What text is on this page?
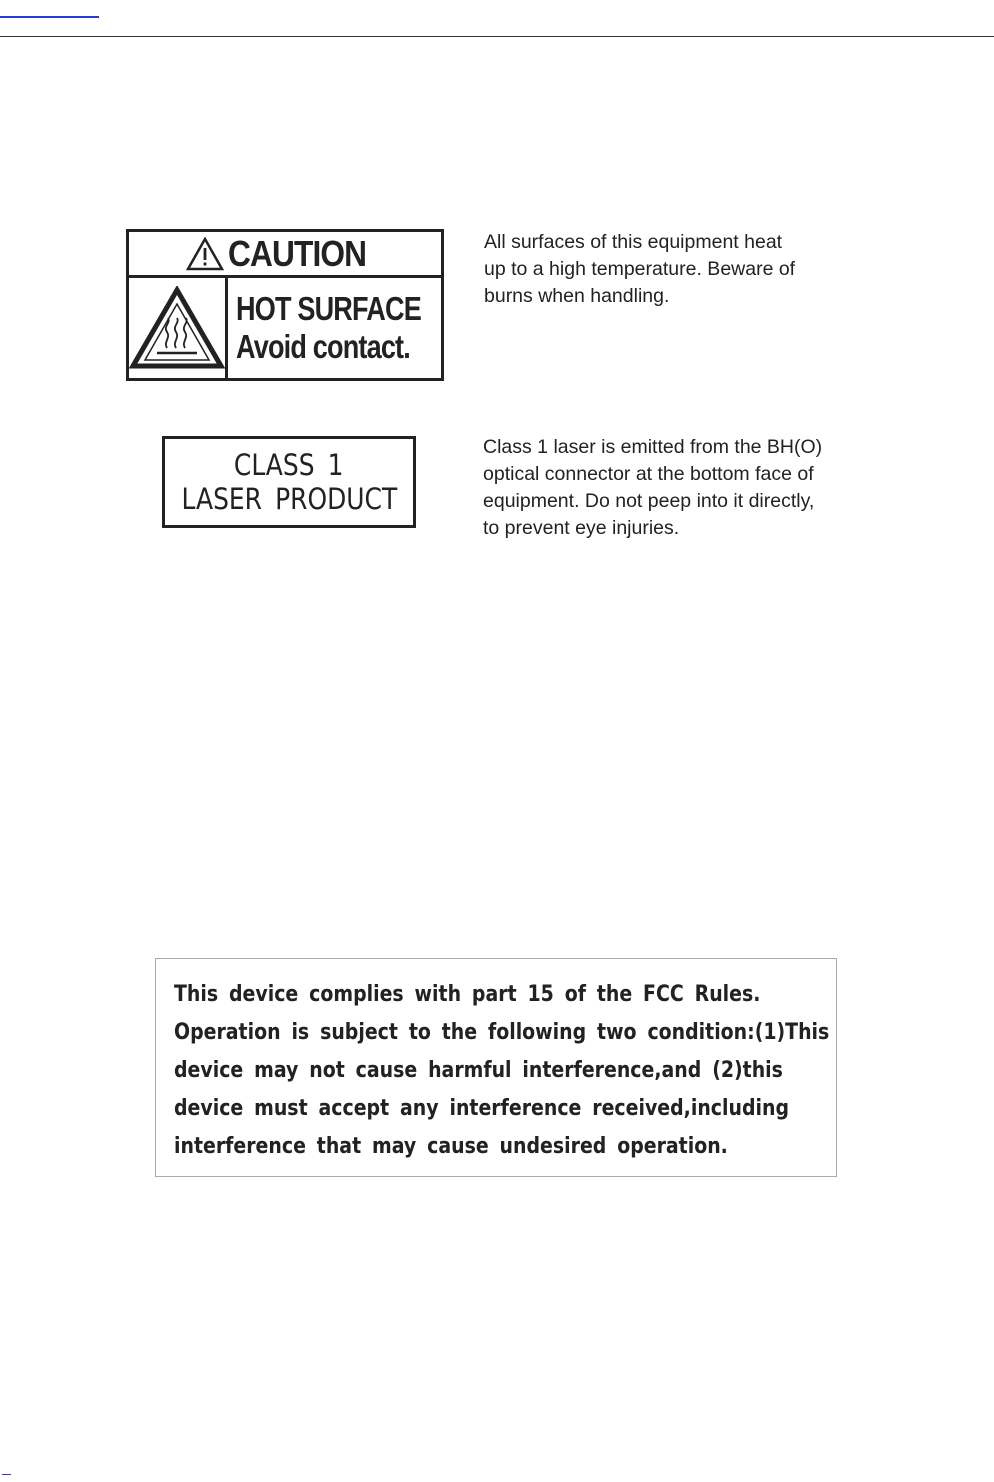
CAUTION
HOT SURFACE
Avoid contact.

All surfaces of this equipment heat
up to a high temperature. Beware of
burns when handling.

CLASS 1
LASER PRODUCT

Class 1 laser is emitted from the BH(O)
optical connector at the bottom face of
equipment. Do not peep into it directly,
to prevent eye injuries.

This device complies with part 15 of the FCC Rules.
Operation is subject to the following two condition:(1)This
device may not cause harmful interference,and (2)this
device must accept any interference received,including
interference that may cause undesired operation.
